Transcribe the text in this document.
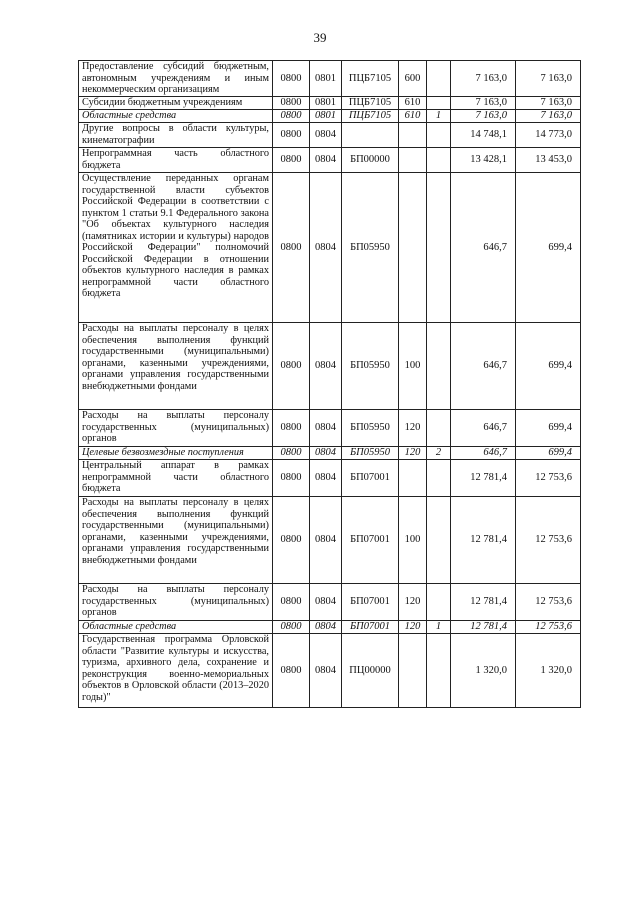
39
Предоставление субсидий бюджетным, автономным учреждениям и иным некоммерческим организациям	0800	0801	ПЦБ7105	600		7 163,0	7 163,0
Субсидии бюджетным учреждениям	0800	0801	ПЦБ7105	610		7 163,0	7 163,0
Областные средства	0800	0801	ПЦБ7105	610	1	7 163,0	7 163,0
Другие вопросы в области культуры, кинематографии	0800	0804				14 748,1	14 773,0
Непрограммная часть областного бюджета	0800	0804	БП00000			13 428,1	13 453,0
Осуществление переданных органам государственной власти субъектов Российской Федерации в соответствии с пунктом 1 статьи 9.1 Федерального закона "Об объектах культурного наследия (памятниках истории и культуры) народов Российской Федерации" полномочий Российской Федерации в отношении объектов культурного наследия в рамках непрограммной части областного бюджета	0800	0804	БП05950			646,7	699,4
Расходы на выплаты персоналу в целях обеспечения выполнения функций государственными (муниципальными) органами, казенными учреждениями, органами управления государственными внебюджетными фондами	0800	0804	БП05950	100		646,7	699,4
Расходы на выплаты персоналу государственных (муниципальных) органов	0800	0804	БП05950	120		646,7	699,4
Целевые безвозмездные поступления	0800	0804	БП05950	120	2	646,7	699,4
Центральный аппарат в рамках непрограммной части областного бюджета	0800	0804	БП07001			12 781,4	12 753,6
Расходы на выплаты персоналу в целях обеспечения выполнения функций государственными (муниципальными) органами, казенными учреждениями, органами управления государственными внебюджетными фондами	0800	0804	БП07001	100		12 781,4	12 753,6
Расходы на выплаты персоналу государственных (муниципальных) органов	0800	0804	БП07001	120		12 781,4	12 753,6
Областные средства	0800	0804	БП07001	120	1	12 781,4	12 753,6
Государственная программа Орловской области "Развитие культуры и искусства, туризма, архивного дела, сохранение и реконструкция военно-мемориальных объектов в Орловской области (2013–2020 годы)"	0800	0804	ПЦ00000			1 320,0	1 320,0
